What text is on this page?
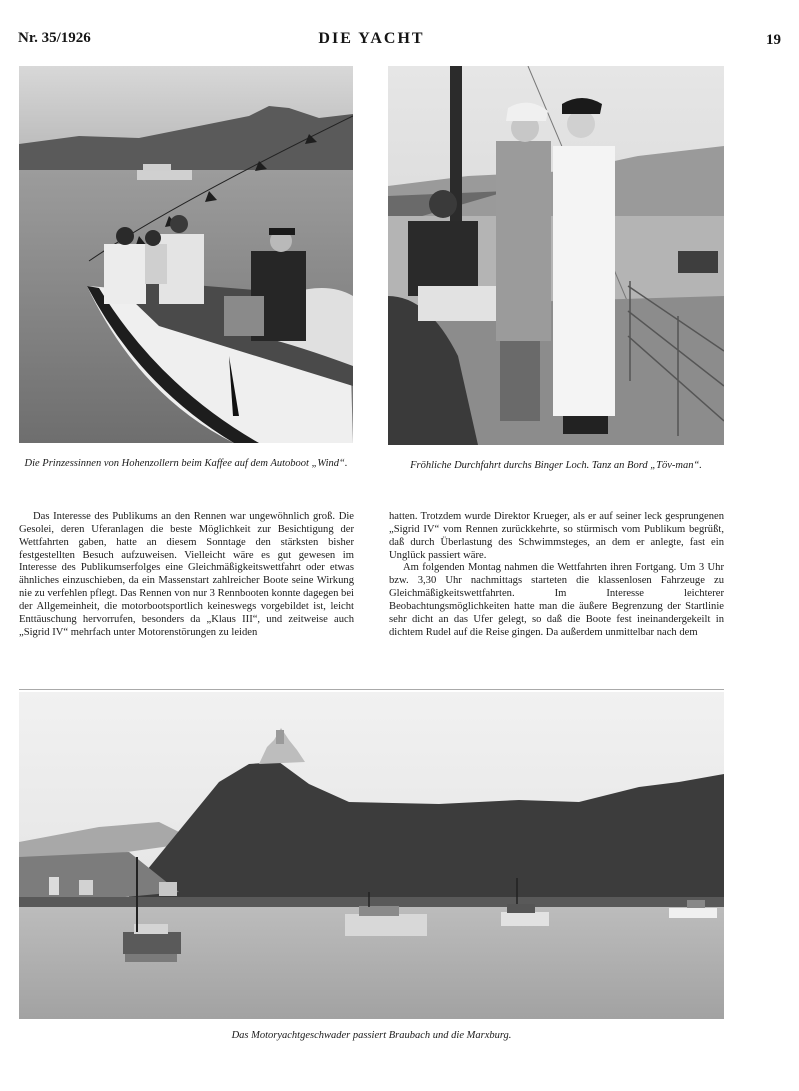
Nr. 35/1926	DIE YACHT	19
Die Prinzessinnen von Hohenzollern beim Kaffee auf dem Autoboot „Wind“.	Fröhliche Durchfahrt durchs Binger Loch. Tanz an Bord „Töv-man“.

Das Interesse des Publikums an den Rennen war ungewöhnlich groß. Die Gesolei, deren Uferanlagen die beste Möglichkeit zur Besichtigung der Wettfahrten gaben, hatte an diesem Sonntage den stärksten bisher festgestellten Besuch aufzuweisen. Vielleicht wäre es gut gewesen im Interesse des Publikumserfolges eine Gleichmäßigkeitswettfahrt oder etwas ähnliches einzuschieben, da ein Massenstart zahlreicher Boote seine Wirkung nie zu verfehlen pflegt. Das Rennen von nur 3 Rennbooten konnte dagegen bei der Allgemeinheit, die motorbootsportlich keineswegs vorgebildet ist, leicht Enttäuschung hervorrufen, besonders da „Klaus III“, und zeitweise auch „Sigrid IV“ mehrfach unter Motorenstörungen zu leiden

hatten. Trotzdem wurde Direktor Krueger, als er auf seiner leck gesprungenen „Sigrid IV“ vom Rennen zurückkehrte, so stürmisch vom Publikum begrüßt, daß durch Überlastung des Schwimmsteges, an dem er anlegte, fast ein Unglück passiert wäre.

Am folgenden Montag nahmen die Wettfahrten ihren Fortgang. Um 3 Uhr bzw. 3,30 Uhr nachmittags starteten die klassenlosen Fahrzeuge zu Gleichmäßigkeitswettfahrten. Im Interesse leichterer Beobachtungsmöglichkeiten hatte man die äußere Begrenzung der Startlinie sehr dicht an das Ufer gelegt, so daß die Boote fest ineinandergekeilt in dichtem Rudel auf die Reise gingen. Da außerdem unmittelbar nach dem

Das Motoryachtgeschwader passiert Braubach und die Marxburg.
